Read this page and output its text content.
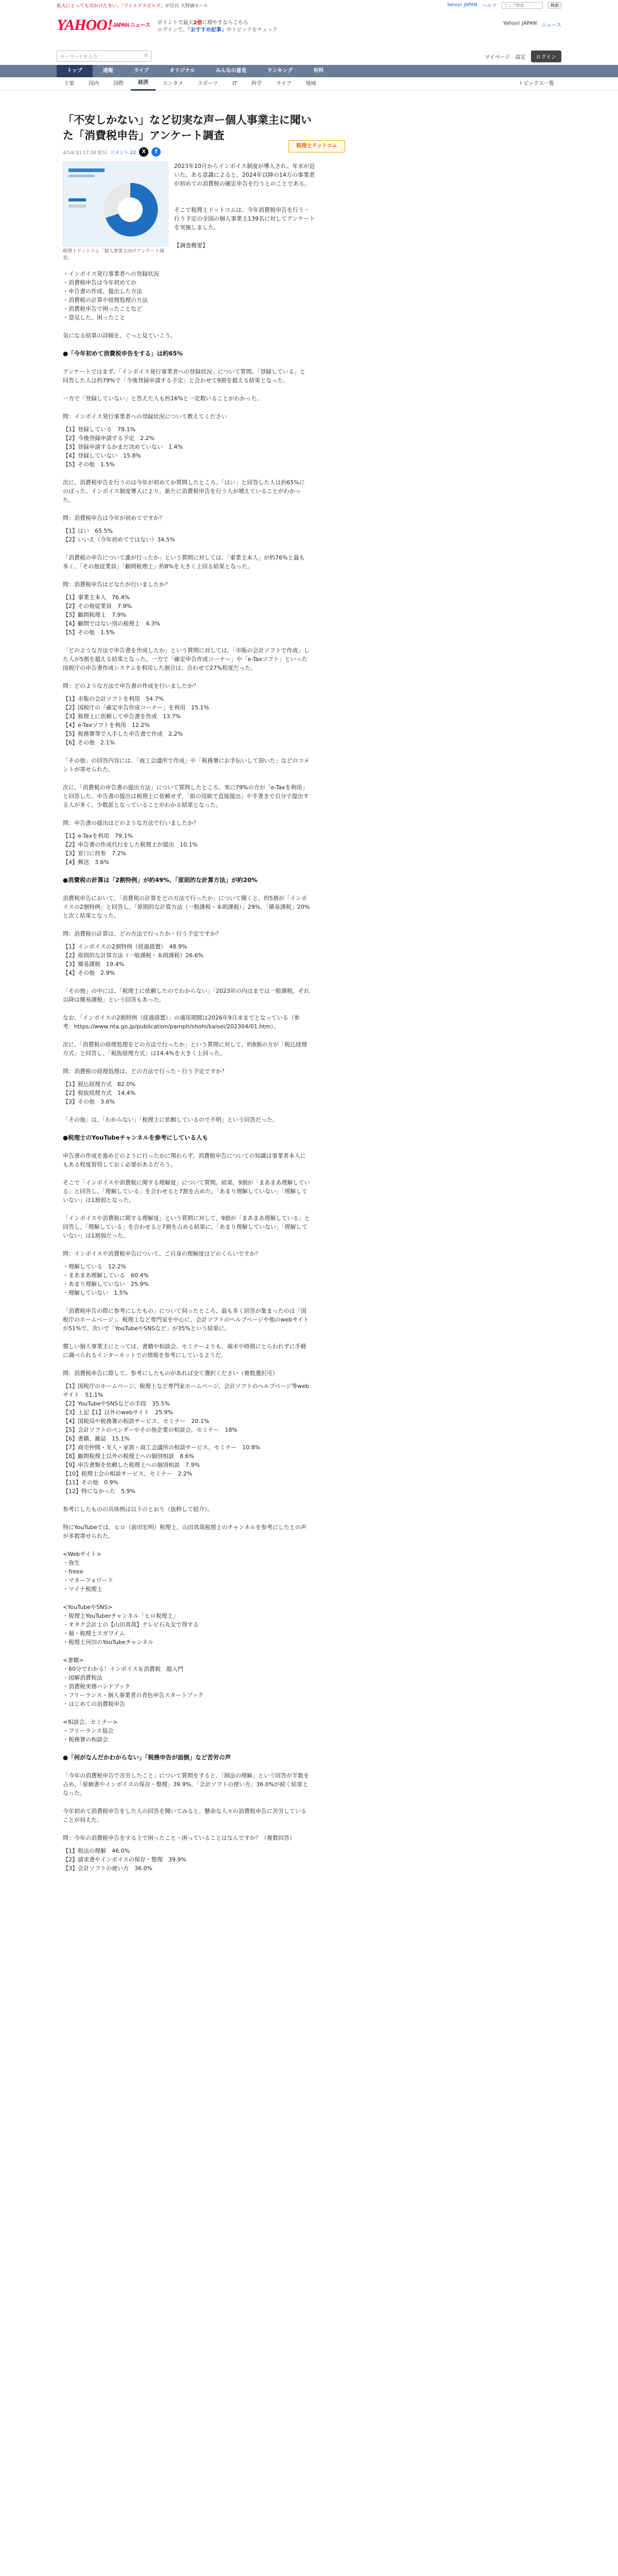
私大にとっても出かけたまい、「ワイルドスピルズ」が注目 大特価セール	Yahoo! JAPAN ヘルプ	ウェブ検索	検索
YAHOO!$^{JAPAN ニュース}$ ポイントで最大2倍に増やすならこちら
ログインで、「おすすめ記事」やトピックをチェック
Yahoo! JAPAN ニュース
キーワードを入力	⚲	マイページ 設定	ログイン
トップ	速報	ライブ	オリジナル	みんなの意見	ランキング	有料
主要	国内	国際	経済	エンタメ	スポーツ	IT	科学	ライフ	地域	トピックス一覧
「不安しかない」など切実な声ー個人事業主に聞いた「消費税申告」アンケート調査
4/14(金) 17:30 配信 コメント 22	X	f
税理士ドットコム
税理士ドットコム「個人事業主向けアンケート調査」

2023年10月からインボイス制度が導入され、年末が近いた。ある意識によると、2024年以降の14万の事業者が初めての消費税の確定申告を行うとのことである。

そこで税理士ドットコムは、今年消費税申告を行う・行う予定の全国の個人事業主139名に対してアンケートを実施しました。

【調査概要】

・インボイス発行事業者への登録状況
・消費税申告は今年初めてか
・申告書の作成、提出した方法
・消費税の計算や経理処理の方法
・消費税申告で困ったことなど
・意見した、困ったこと

気になる結果の詳細を、ぐっと見ていこう。

●「今年初めて消費税申告をする」は約65%

アンケートではまず、「インボイス発行事業者への登録状況」について質問。「登録している」と回答した人は約79%で「今後登録申請する予定」と合わせて9割を超える結果となった。

一方で「登録していない」と答えた人も約16%と一定数いることがわかった。

問：インボイス発行事業者への登録状況について教えてください

【1】登録している　79.1%

【2】今後登録申請する予定　2.2%

【3】登録申請するかまだ決めていない　1.4%

【4】登録していない　15.8%

【5】その他　1.5%

次に、消費税申告を行うのは今年が初めてか質問したところ、「はい」と回答した人は約65%にのぼった。インボイス制度導入により、新たに消費税申告を行う人が増えていることがわかった。

問：消費税申告は今年が初めてですか？

【1】はい　65.5%

【2】いいえ（今年初めてではない）34.5%

「消費税の申告について誰が行ったか」という質問に対しては、「事業主本人」が約76%と最も多く、「その他従業員」「顧問税理士」約8%を大きく上回る結果となった。

問：消費税申告はどなたが行いましたか？

【1】事業主本人　76.4%

【2】その他従業員　7.9%

【3】顧問税理士　7.9%

【4】顧問ではない別の税理士　4.3%

【5】その他　1.5%

「どのような方法で申告書を作成したか」という質問に対しては、「市販の会計ソフトで作成」した人が5割を超える結果となった。一方で「確定申告作成コーナー」や「e-Taxソフト」といった国税庁の申告書作成システムを利用した割合は、合わせて27%程度だった。

問：どのような方法で申告書の作成を行いましたか？

【1】市販の会計ソフトを利用　54.7%

【2】国税庁の「確定申告作成コーナー」を利用　15.1%

【3】税理士に依頼して申告書を作成　13.7%

【4】e-Taxソフトを利用　12.2%

【5】税務署等で入手した申告書で作成　2.2%

【6】その他　2.1%

「その他」の回答内容には、「商工会議所で作成」や「税務署にお手伝いして頂いた」などのコメントが寄せられた。

次に、「消費税の申告書の提出方法」について質問したところ、実に79%の方が「e-Taxを利用」と回答した。申告書の提出は税理士に依頼せず、「紙の用紙で直接提出」や手書きで自分で提出する人が多く、少数派となっていることがわかる結果となった。

問：申告書の提出はどのような方法で行いましたか？

【1】e-Taxを利用　79.1%

【2】申告書の作成代行をした税理士が提出　10.1%

【3】窓口に持参　7.2%

【4】郵送　3.6%

●消費税の計算は「2割特例」が約49%、「原則的な計算方法」が約20%

消費税申告において、「消費税の計算をどの方法で行ったか」について聞くと、約5割が「インボイスの2割特例」と回答し、「原則的な計算方法（一般課税・本則課税）」29%、「簡易課税」20%と次く結果となった。

問：消費税の計算は、どの方法で行ったか・行う予定ですか？

【1】インボイスの2割特例（経過措置）　48.9%

【2】原則的な計算方法（一般課税・本則課税）26.6%

【3】簡易課税　19.4%

【4】その他　2.9%

「その他」の中には、「税理士に依頼したのでわからない」「2023年の内はまでは一般課税、それ以降は簡易課税」という回答もあった。

なお、「インボイスの2割特例（経過措置）」の適用期間は2026年9月末までとなっている（参考：https://www.nta.go.jp/publication/pamph/shohi/kaisei/202304/01.htm）。

次に、「消費税の経理処理をどの方法で行ったか」という質問に対して、約8割の方が「税込経理方式」と回答し、「税抜経理方式」は14.4%を大きく上回った。

問：消費税の経理処理は、どの方法で行った・行う予定ですか？

【1】税込経理方式　82.0%

【2】税抜経理方式　14.4%

【3】その他　3.6%

「その他」は、「わからない」「税理士に依頼しているので不明」という回答だった。

●税理士のYouTubeチャンネルを参考にしている人も

申告書の作成を進めどのように行ったかに関わらず、消費税申告についての知識は事業者本人にもある程度習得しておく必要があるだろう。

そこで「インボイスや消費税に関する理解度」について質問。結果、9割が「まあまあ理解している」と回答し、「理解している」を合わせると7割を占めた。「あまり理解していない」「理解していない」は1割弱となった。

「インボイスや消費税に関する理解度」という質問に対して、9割が「まあまあ理解している」と回答し、「理解している」を合わせると7割を占める結果に。「あまり理解していない」「理解していない」は1割弱だった。

問：インボイスや消費税申告について、ご自身の理解度はどのくらいですか？

・理解している　12.2%

・まあまあ理解している　60.4%

・あまり理解していない　25.9%

・理解していない　1.5%

「消費税申告の際に参考にしたもの」について伺ったところ、最も多く回答が集まったのは「国税庁のホームページ」。税理士など専門家を中心に、会計ソフトのヘルプページや他のwebサイトが51%で、次いで「YouTubeやSNSなど」が35%という結果に。

慣しい個人事業主にとっては、書籍や相談会、セミナーよりも、端末や時間にとらわれずに手軽に調べられるインターネットでの情報を参考にしているようだ。

問：消費税申告に際して、参考にしたものがあれば全て選択ください（複数選択可）

【1】国税庁のホームページ、税理士など専門家ホームページ、会計ソフトのヘルプページ等webサイト　51.1%

【2】YouTubeやSNSなどの手段　35.5%

【3】上記【1】以外のwebサイト　25.9%

【4】国税局や税務署の相談サービス、セミナー　20.1%

【5】会計ソフトのベンダーやその他企業の相談会、セミナー　18%

【6】書籍、雑誌　15.1%

【7】商売仲間・友人・家族・商工会議所の相談サービス、セミナー　10.8%

【8】顧問税理士以外の税理士への個別相談　8.6%

【9】申告書類を依頼した税理士への個別相談　7.9%

【10】税理士会の相談サービス、セミナー　2.2%

【11】その他　0.9%

【12】特になかった　5.9%

参考にしたものの具体例は以下のとおり（抜粋して紹介）。

特にYouTubeでは、ヒロ（前田宏明）税理士、山田真哉税理士のチャンネルを参考にしたとの声が多数寄せられた。

<Webサイト>

・弥生

・freee

・マネーフォワード

・マイナ税理士

<YouTubeやSNS>

・税理士YouTuberチャンネル「ヒロ税理士」

・オタク会計士の【山田真哉】テレビ石丸女で得する

・個・税理士スガワイム

・税理士河田のYouTubeチャンネル

<書籍>

・60分でわかる！インボイス＆消費税　超入門

・図解消費税法

・消費税実務ハンドブック

・フリーランス・個人事業者の青色申告スタートブック

・はじめての消費税申告

<相談会、セミナー>

・フリーランス協会

・税務署の相談会

●「何がなんだかわからない」「税務申告が面倒」など苦労の声

「今年の消費税申告で苦労したこと」について質問をすると、「制法の理解」という回答が半数を占め、「原価書やインボイスの保存・整理」39.9%、「会計ソフトの使い方」36.0%が続く結果となった。

今年初めて消費税申告をした人の回答を聞いてみると、懸命な人々の消費税申告に苦労していることが伺えた。

問：今年の消費税申告をする上で困ったこと・困っていることはなんですか？（複数回答）

【1】税法の理解　46.0%

【2】請求書やインボイスの保存・整理　39.9%

【3】会計ソフトの使い方　36.0%
